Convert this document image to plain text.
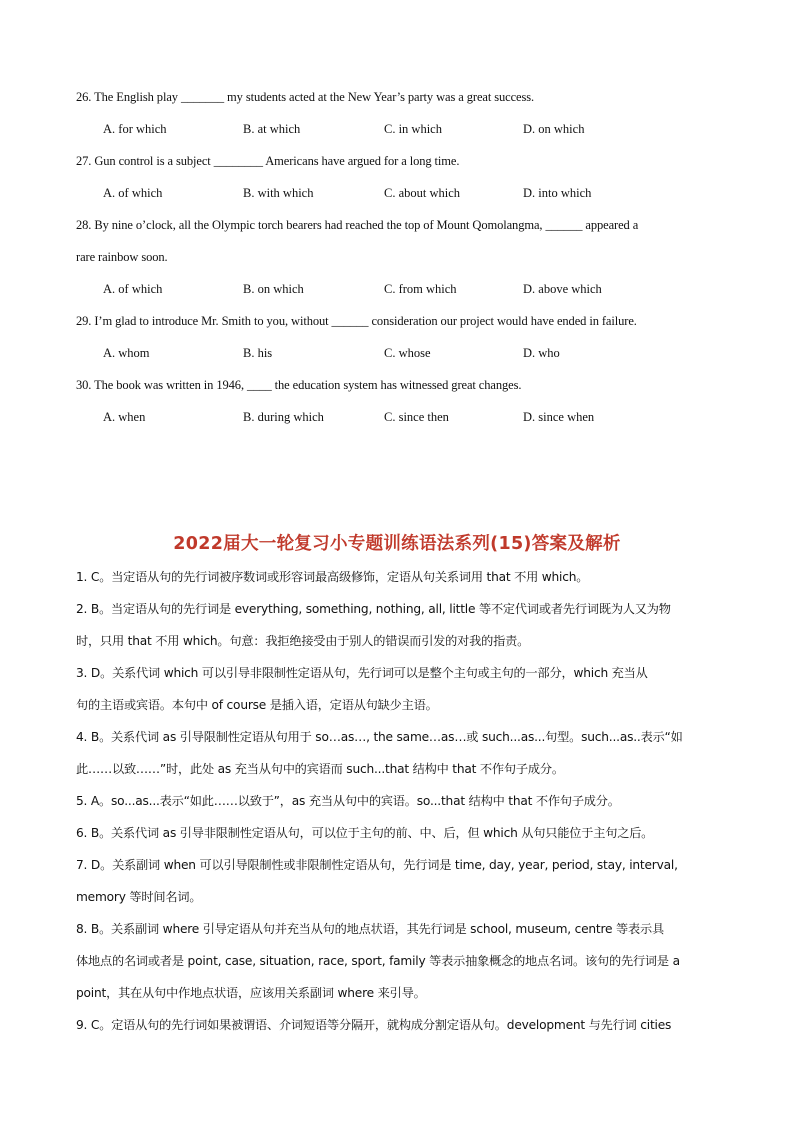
26. The English play _______ my students acted at the New Year’s party was a great success.
A. for which	B. at which	C. in which	D. on which
27. Gun control is a subject ________ Americans have argued for a long time.
A. of which	B. with which	C. about which	D. into which
28. By nine o’clock, all the Olympic torch bearers had reached the top of Mount Qomolangma, ______ appeared a
rare rainbow soon.
A. of which	B. on which	C. from which	D. above which
29. I’m glad to introduce Mr. Smith to you, without ______ consideration our project would have ended in failure.
A. whom	B. his	C. whose	D. who
30. The book was written in 1946, ____ the education system has witnessed great changes.
A. when	B. during which	C. since then	D. since when
2022届大一轮复习小专题训练语法系列(15)答案及解析
1. C。当定语从句的先行词被序数词或形容词最高级修饰，定语从句关系词用 that 不用 which。
2. B。当定语从句的先行词是 everything, something, nothing, all, little 等不定代词或者先行词既为人又为物
时，只用 that 不用 which。句意：我拒绝接受由于别人的错误而引发的对我的指责。
3. D。关系代词 which 可以引导非限制性定语从句，先行词可以是整个主句或主句的一部分，which 充当从
句的主语或宾语。本句中 of course 是插入语，定语从句缺少主语。
4. B。关系代词 as 引导限制性定语从句用于 so…as…, the same…as…或 such...as...句型。such...as..表示“如
此……以致……”时，此处 as 充当从句中的宾语而 such...that 结构中 that 不作句子成分。
5. A。so...as...表示“如此……以致于”，as 充当从句中的宾语。so...that 结构中 that 不作句子成分。
6. B。关系代词 as 引导非限制性定语从句，可以位于主句的前、中、后，但 which 从句只能位于主句之后。
7. D。关系副词 when 可以引导限制性或非限制性定语从句，先行词是 time, day, year, period, stay, interval,
memory 等时间名词。
8. B。关系副词 where 引导定语从句并充当从句的地点状语，其先行词是 school, museum, centre 等表示具
体地点的名词或者是 point, case, situation, race, sport, family 等表示抽象概念的地点名词。该句的先行词是 a
point，其在从句中作地点状语，应该用关系副词 where 来引导。
9. C。定语从句的先行词如果被谓语、介词短语等分隔开，就构成分割定语从句。development 与先行词 cities
